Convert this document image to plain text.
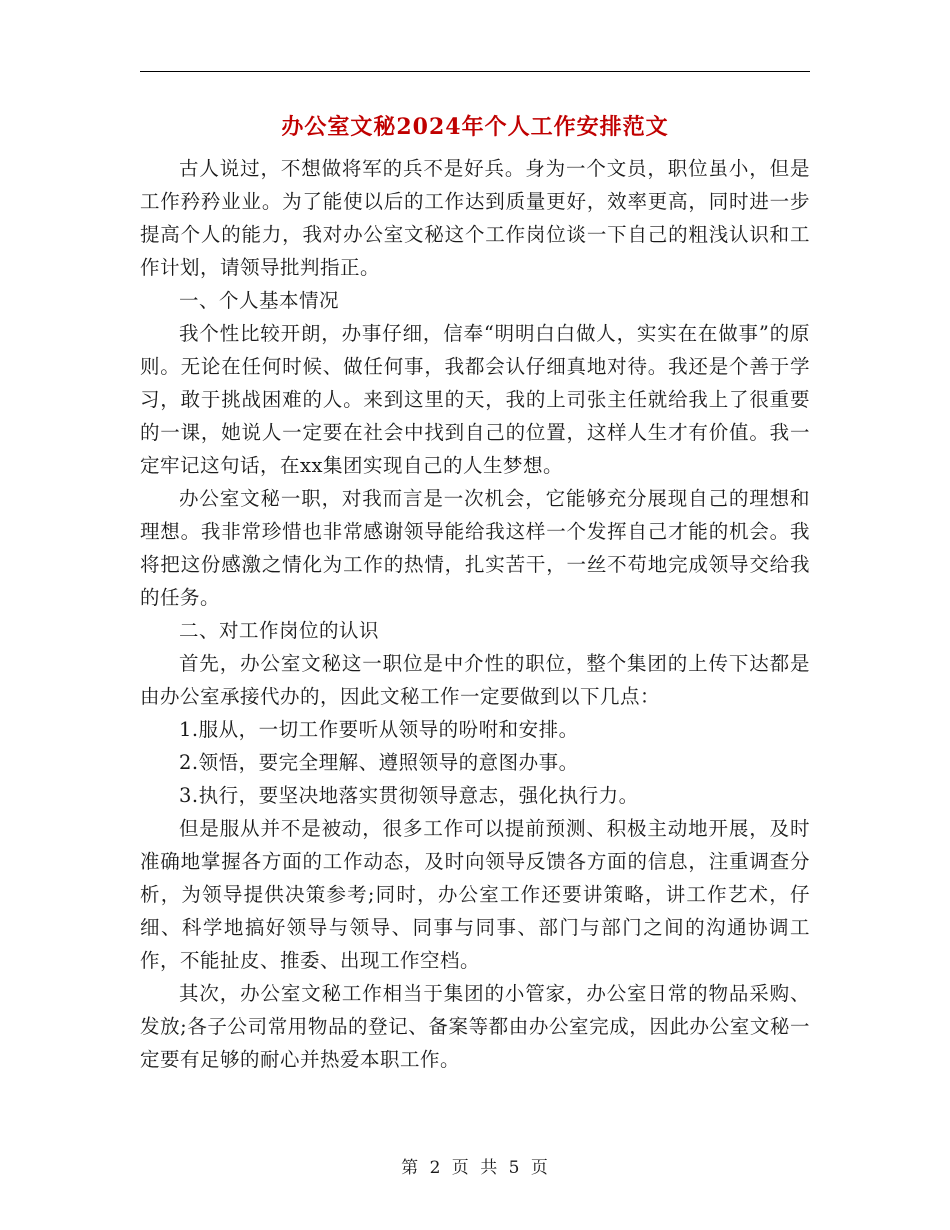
办公室文秘2024年个人工作安排范文

古人说过，不想做将军的兵不是好兵。身为一个文员，职位虽小，但是工作矜矜业业。为了能使以后的工作达到质量更好，效率更高，同时进一步提高个人的能力，我对办公室文秘这个工作岗位谈一下自己的粗浅认识和工作计划，请领导批判指正。

一、个人基本情况

我个性比较开朗，办事仔细，信奉“明明白白做人，实实在在做事”的原则。无论在任何时候、做任何事，我都会认仔细真地对待。我还是个善于学习，敢于挑战困难的人。来到这里的天，我的上司张主任就给我上了很重要的一课，她说人一定要在社会中找到自己的位置，这样人生才有价值。我一定牢记这句话，在xx集团实现自己的人生梦想。

办公室文秘一职，对我而言是一次机会，它能够充分展现自己的理想和理想。我非常珍惜也非常感谢领导能给我这样一个发挥自己才能的机会。我将把这份感激之情化为工作的热情，扎实苦干，一丝不苟地完成领导交给我的任务。

二、对工作岗位的认识

首先，办公室文秘这一职位是中介性的职位，整个集团的上传下达都是由办公室承接代办的，因此文秘工作一定要做到以下几点：

1.服从，一切工作要听从领导的吩咐和安排。

2.领悟，要完全理解、遵照领导的意图办事。

3.执行，要坚决地落实贯彻领导意志，强化执行力。

但是服从并不是被动，很多工作可以提前预测、积极主动地开展，及时准确地掌握各方面的工作动态，及时向领导反馈各方面的信息，注重调查分析，为领导提供决策参考;同时，办公室工作还要讲策略，讲工作艺术，仔细、科学地搞好领导与领导、同事与同事、部门与部门之间的沟通协调工作，不能扯皮、推委、出现工作空档。

其次，办公室文秘工作相当于集团的小管家，办公室日常的物品采购、发放;各子公司常用物品的登记、备案等都由办公室完成，因此办公室文秘一定要有足够的耐心并热爱本职工作。

第 2 页 共 5 页
